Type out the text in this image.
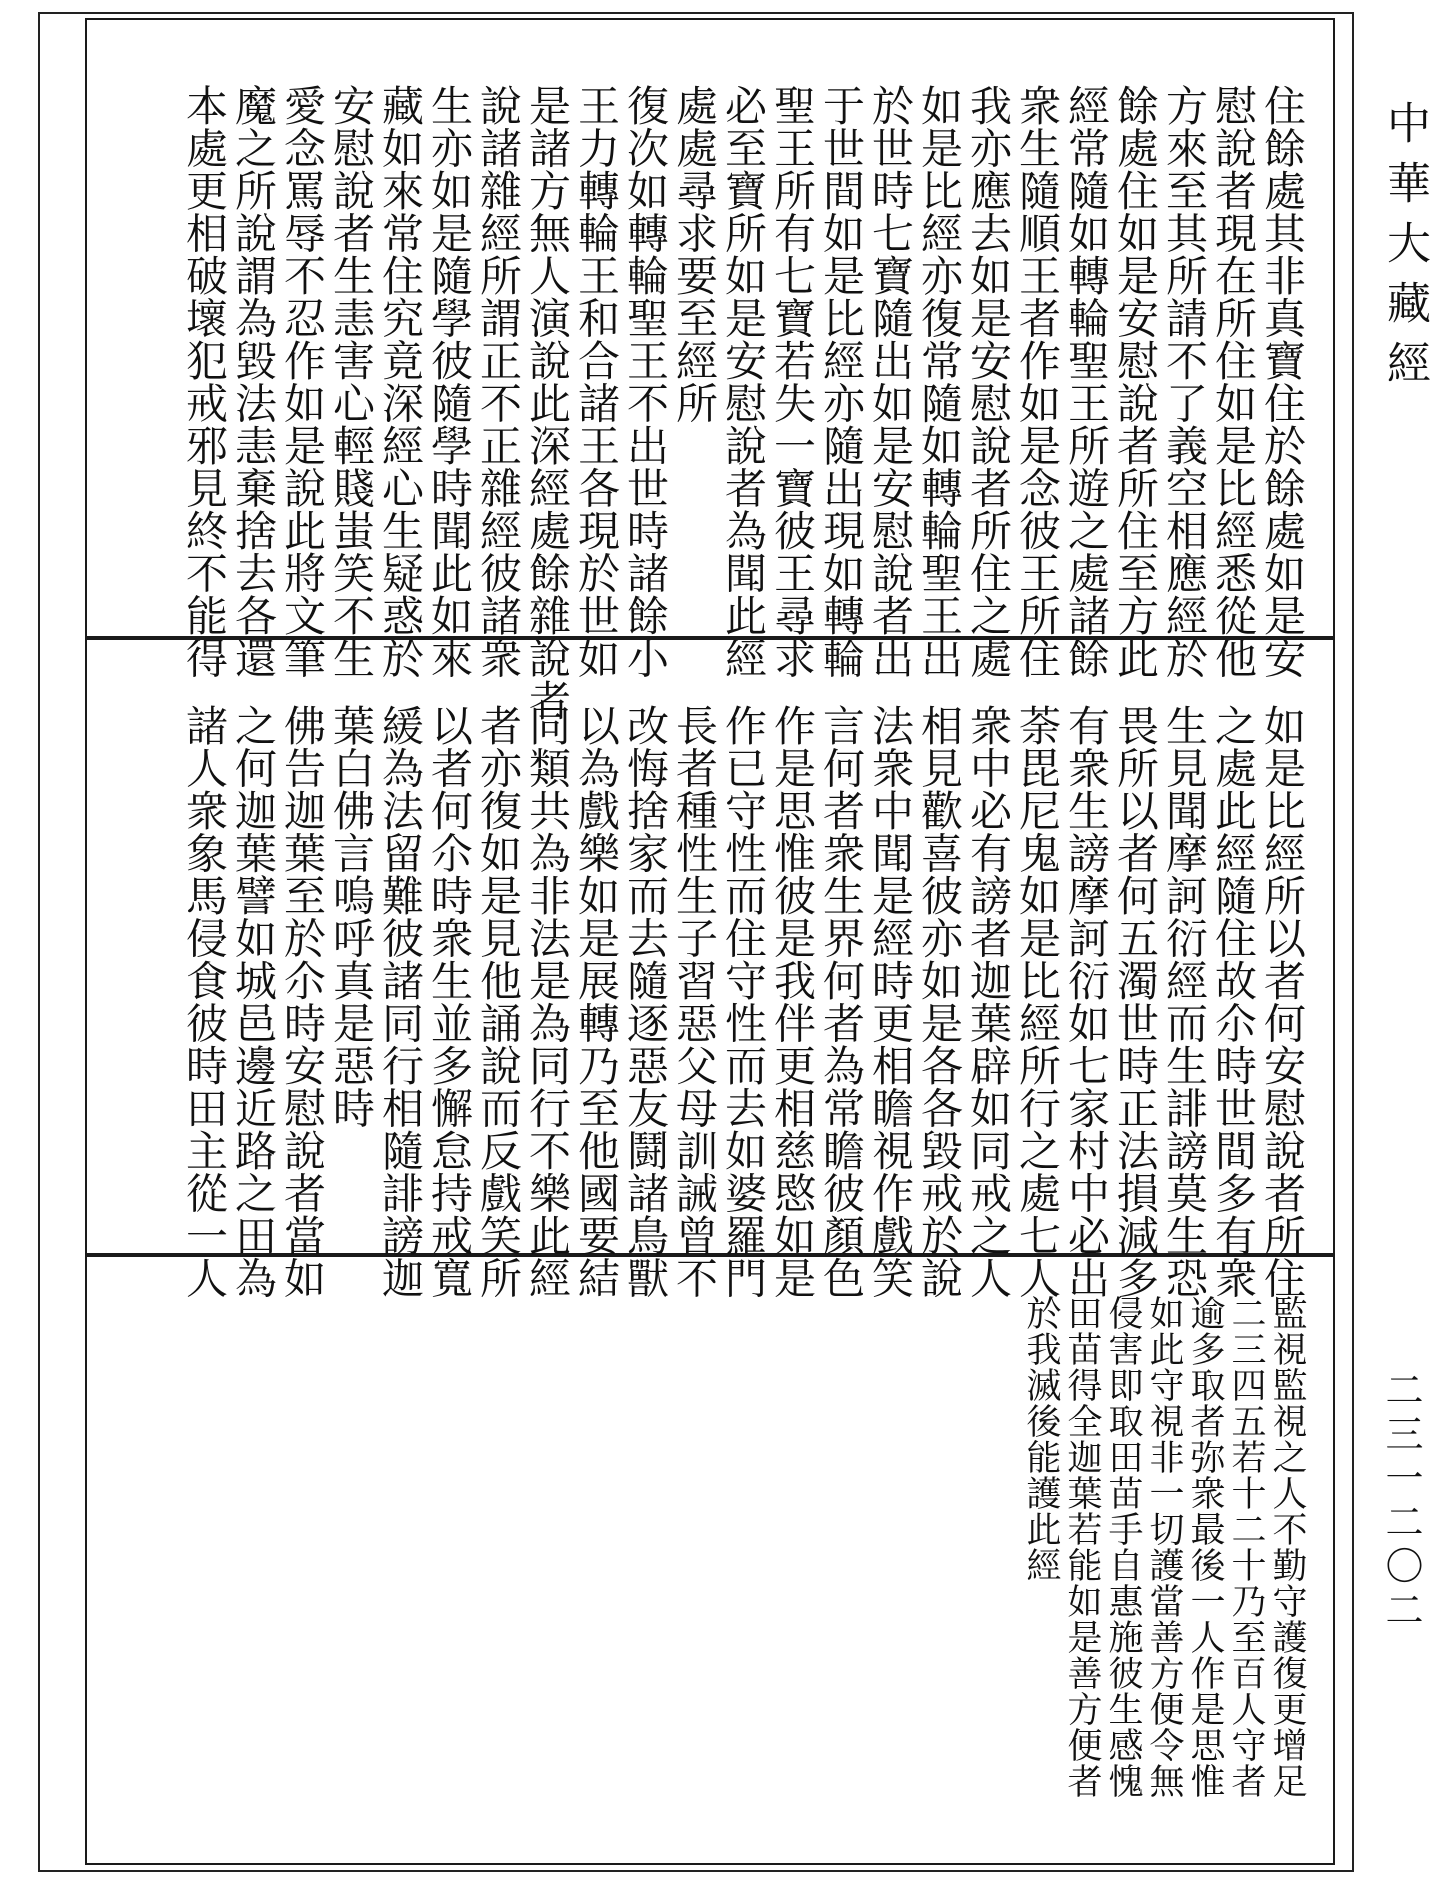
住餘處其非真寶住於餘處如是安
慰說者現在所住如是比經悉從他
方來至其所請不了義空相應經於
餘處住如是安慰說者所住至方此
經常隨如轉輪聖王所遊之處諸餘
衆生隨順王者作如是念彼王所住
我亦應去如是安慰說者所住之處
如是比經亦復常隨如轉輪聖王出
於世時七寶隨出如是安慰說者出
于世間如是比經亦隨出現如轉輪
聖王所有七寶若失一寶彼王尋求
必至寶所如是安慰說者為聞此經
處處尋求要至經所
復次如轉輪聖王不出世時諸餘小
王力轉輪王和合諸王各現於世如
是諸方無人演說此深經處餘雜說者
說諸雜經所謂正不正雜經彼諸衆
生亦如是隨學彼隨學時聞此如來
藏如來常住究竟深經心生疑惑於
安慰說者生恚害心輕賤蚩笑不生
愛念罵辱不忍作如是說此將文筆
魔之所說謂為毀法恚棄捨去各還
本處更相破壞犯戒邪見終不能得
如是比經所以者何安慰說者所住
之處此經隨住故尒時世間多有衆
生見聞摩訶衍經而生誹謗莫生恐
畏所以者何五濁世時正法損減多
有衆生謗摩訶衍如七家村中必出
荼毘尼鬼如是比經所行之處七人
衆中必有謗者迦葉辟如同戒之人
相見歡喜彼亦如是各各毀戒於說
法衆中聞是經時更相瞻視作戲笑
言何者衆生界何者為常瞻彼顏色
作是思惟彼是我伴更相慈愍如是
作已守性而住守性而去如婆羅門
長者種性生子習惡父母訓誡曾不
改悔捨家而去隨逐惡友鬪諸鳥獸
以為戲樂如是展轉乃至他國要結
同類共為非法是為同行不樂此經
者亦復如是見他誦說而反戲笑所
以者何尒時衆生並多懈怠持戒寬
緩為法留難彼諸同行相隨誹謗迦
葉白佛言嗚呼真是惡時
佛告迦葉至於尒時安慰說者當如
之何迦葉譬如城邑邊近路之田為
諸人衆象馬侵食彼時田主從一人
監視監視之人不勤守護復更增足
二三四五若十二十乃至百人守者
逾多取者弥衆最後一人作是思惟
如此守視非一切護當善方便令無
侵害即取田苗手自惠施彼生感愧
田苗得全迦葉若能如是善方便者
於我滅後能護此經
中華大藏經
二三一二〇二
